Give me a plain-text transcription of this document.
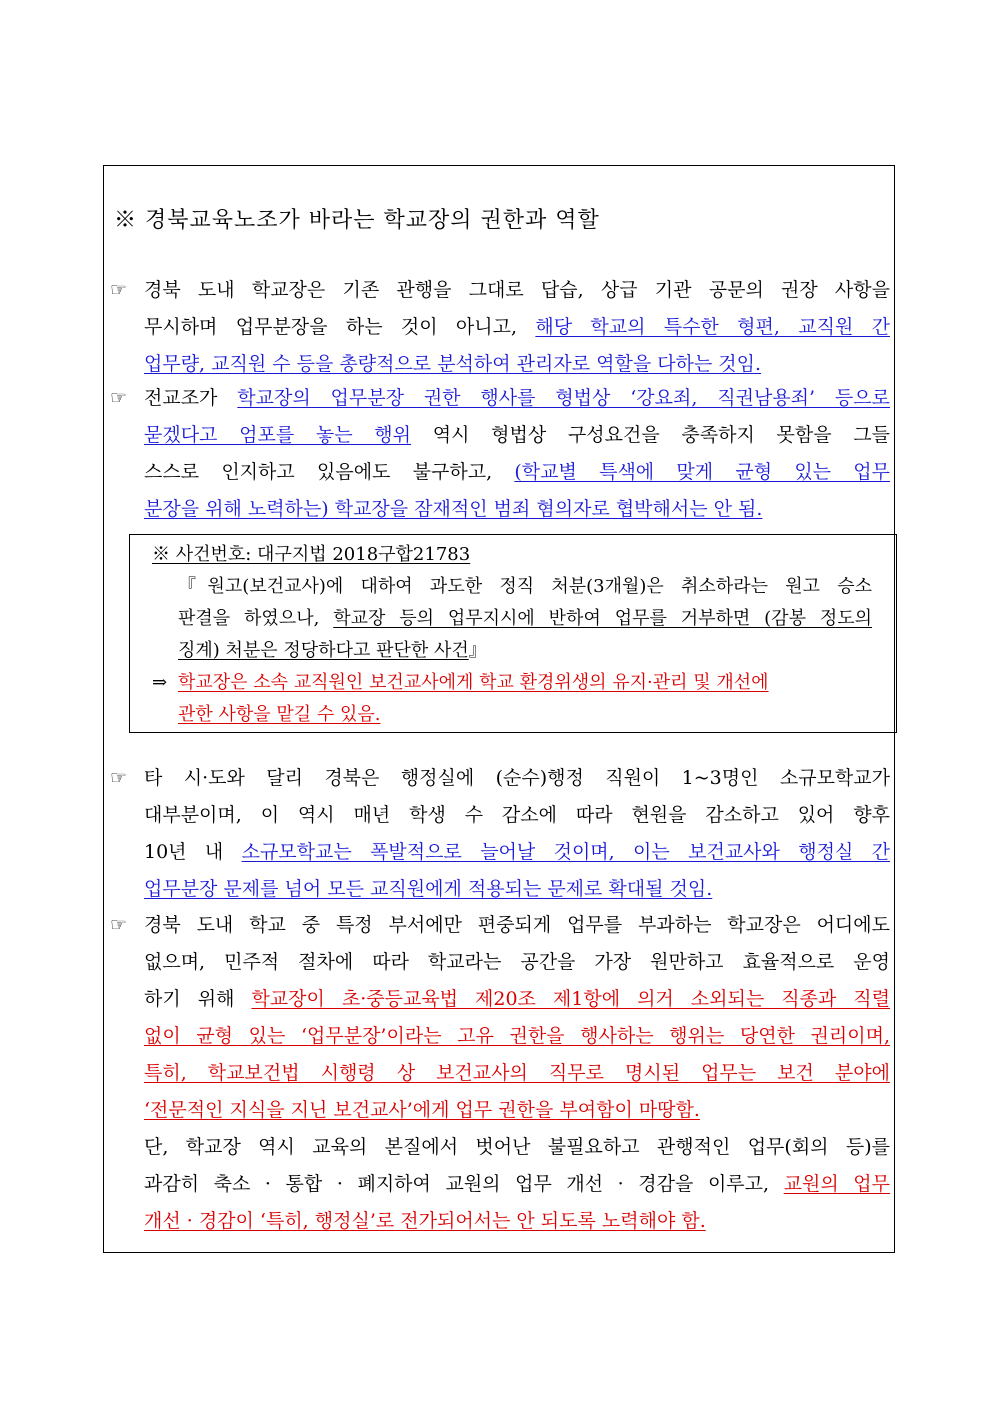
※ 경북교육노조가 바라는 학교장의 권한과 역할
☞ 경북 도내 학교장은 기존 관행을 그대로 답습, 상급 기관 공문의 권장 사항을
무시하며 업무분장을 하는 것이 아니고, 해당 학교의 특수한 형편, 교직원 간
업무량, 교직원 수 등을 총량적으로 분석하여 관리자로 역할을 다하는 것임.
☞ 전교조가 학교장의 업무분장 권한 행사를 형법상 ‘강요죄, 직권남용죄’ 등으로
묻겠다고 엄포를 놓는 행위 역시 형법상 구성요건을 충족하지 못함을 그들
스스로 인지하고 있음에도 불구하고, (학교별 특색에 맞게 균형 있는 업무
분장을 위해 노력하는) 학교장을 잠재적인 범죄 혐의자로 협박해서는 안 됨.
※ 사건번호: 대구지법 2018구합21783
『원고(보건교사)에 대하여 과도한 정직 처분(3개월)은 취소하라는 원고 승소
판결을 하였으나, 학교장 등의 업무지시에 반하여 업무를 거부하면 (감봉 정도의
징계) 처분은 정당하다고 판단한 사건』
⇒ 학교장은 소속 교직원인 보건교사에게 학교 환경위생의 유지·관리 및 개선에
관한 사항을 맡길 수 있음.
☞ 타 시·도와 달리 경북은 행정실에 (순수)행정 직원이 1~3명인 소규모학교가
대부분이며, 이 역시 매년 학생 수 감소에 따라 현원을 감소하고 있어 향후
10년 내 소규모학교는 폭발적으로 늘어날 것이며, 이는 보건교사와 행정실 간
업무분장 문제를 넘어 모든 교직원에게 적용되는 문제로 확대될 것임.
☞ 경북 도내 학교 중 특정 부서에만 편중되게 업무를 부과하는 학교장은 어디에도
없으며, 민주적 절차에 따라 학교라는 공간을 가장 원만하고 효율적으로 운영
하기 위해 학교장이 초·중등교육법 제20조 제1항에 의거 소외되는 직종과 직렬
없이 균형 있는 ‘업무분장’이라는 고유 권한을 행사하는 행위는 당연한 권리이며,
특히, 학교보건법 시행령 상 보건교사의 직무로 명시된 업무는 보건 분야에
‘전문적인 지식을 지닌 보건교사’에게 업무 권한을 부여함이 마땅함.
단, 학교장 역시 교육의 본질에서 벗어난 불필요하고 관행적인 업무(회의 등)를
과감히 축소 · 통합 · 폐지하여 교원의 업무 개선 · 경감을 이루고, 교원의 업무
개선 · 경감이 ‘특히, 행정실’로 전가되어서는 안 되도록 노력해야 함.
